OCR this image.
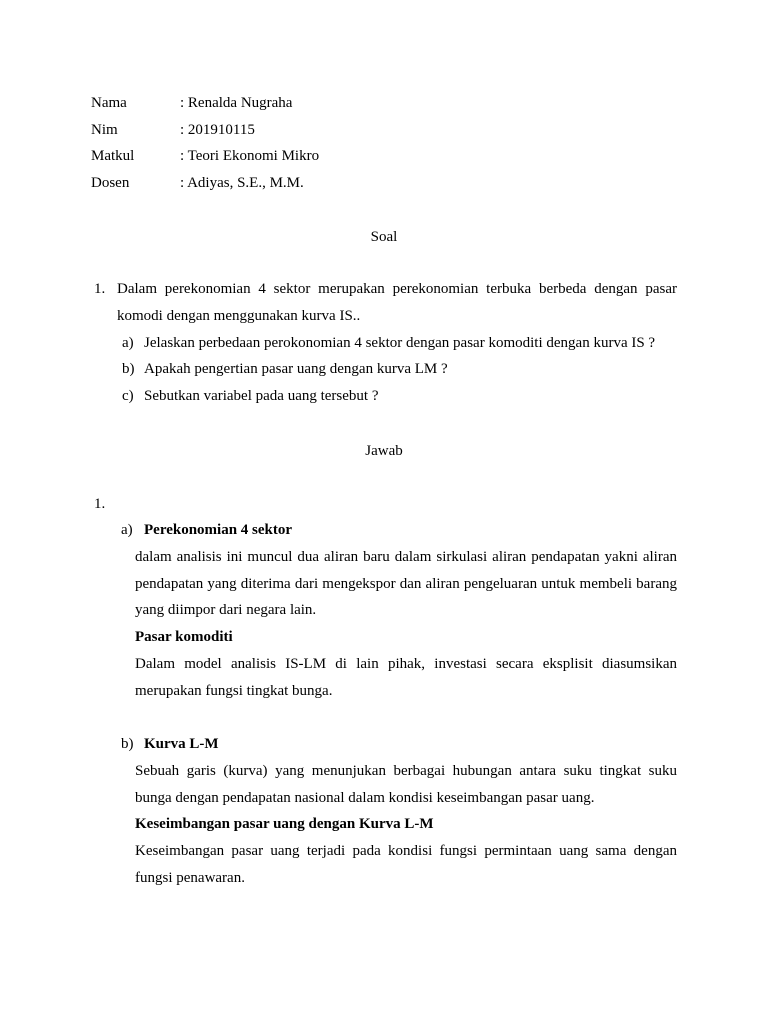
Nama	: Renalda Nugraha
Nim	: 201910115
Matkul	: Teori Ekonomi Mikro
Dosen	: Adiyas, S.E., M.M.
Soal
1. Dalam perekonomian 4 sektor merupakan perekonomian terbuka berbeda dengan pasar komodi dengan menggunakan kurva IS..
a) Jelaskan perbedaan perokonomian 4 sektor dengan pasar komoditi dengan kurva IS ?
b) Apakah pengertian pasar uang dengan kurva LM ?
c) Sebutkan variabel pada uang tersebut ?
Jawab
1.
a) Perekonomian 4 sektor
dalam analisis ini muncul dua aliran baru dalam sirkulasi aliran pendapatan yakni aliran pendapatan yang diterima dari mengekspor dan aliran pengeluaran untuk membeli barang yang diimpor dari negara lain.
Pasar komoditi
Dalam model analisis IS-LM di lain pihak, investasi secara eksplisit diasumsikan merupakan fungsi tingkat bunga.
b) Kurva L-M
Sebuah garis (kurva) yang menunjukan berbagai hubungan antara suku tingkat suku bunga dengan pendapatan nasional dalam kondisi keseimbangan pasar uang.
Keseimbangan pasar uang dengan Kurva L-M
Keseimbangan pasar uang terjadi pada kondisi fungsi permintaan uang sama dengan fungsi penawaran.
